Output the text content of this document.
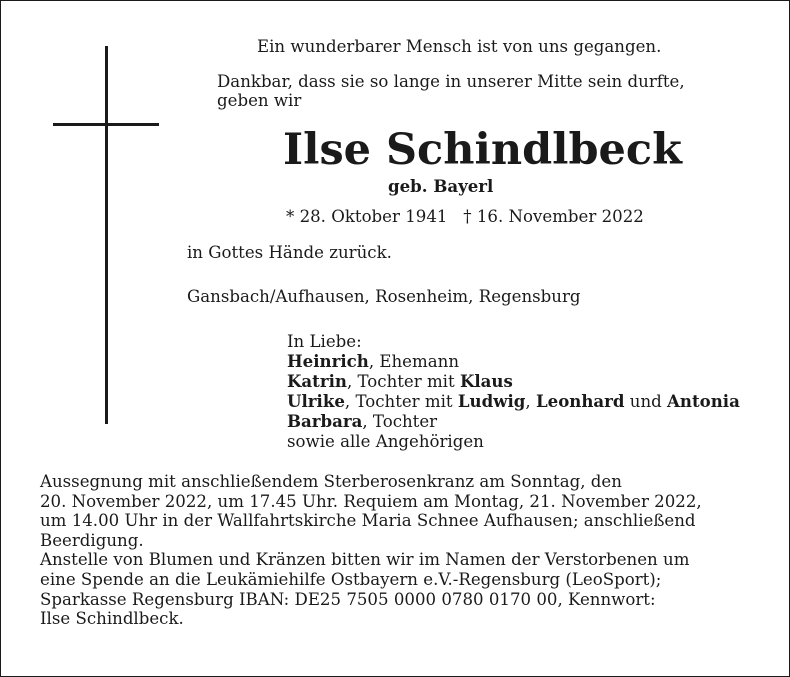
Ein wunderbarer Mensch ist von uns gegangen.
Dankbar, dass sie so lange in unserer Mitte sein durfte,
geben wir
Ilse Schindlbeck
geb. Bayerl
* 28. Oktober 1941   † 16. November 2022
in Gottes Hände zurück.
Gansbach/Aufhausen, Rosenheim, Regensburg
In Liebe:
Heinrich, Ehemann
Katrin, Tochter mit Klaus
Ulrike, Tochter mit Ludwig, Leonhard und Antonia
Barbara, Tochter
sowie alle Angehörigen
Aussegnung mit anschließendem Sterberosenkranz am Sonntag, den
20. November 2022, um 17.45 Uhr. Requiem am Montag, 21. November 2022,
um 14.00 Uhr in der Wallfahrtskirche Maria Schnee Aufhausen; anschließend
Beerdigung.
Anstelle von Blumen und Kränzen bitten wir im Namen der Verstorbenen um
eine Spende an die Leukämiehilfe Ostbayern e.V.-Regensburg (LeoSport);
Sparkasse Regensburg IBAN: DE25 7505 0000 0780 0170 00, Kennwort:
Ilse Schindlbeck.
